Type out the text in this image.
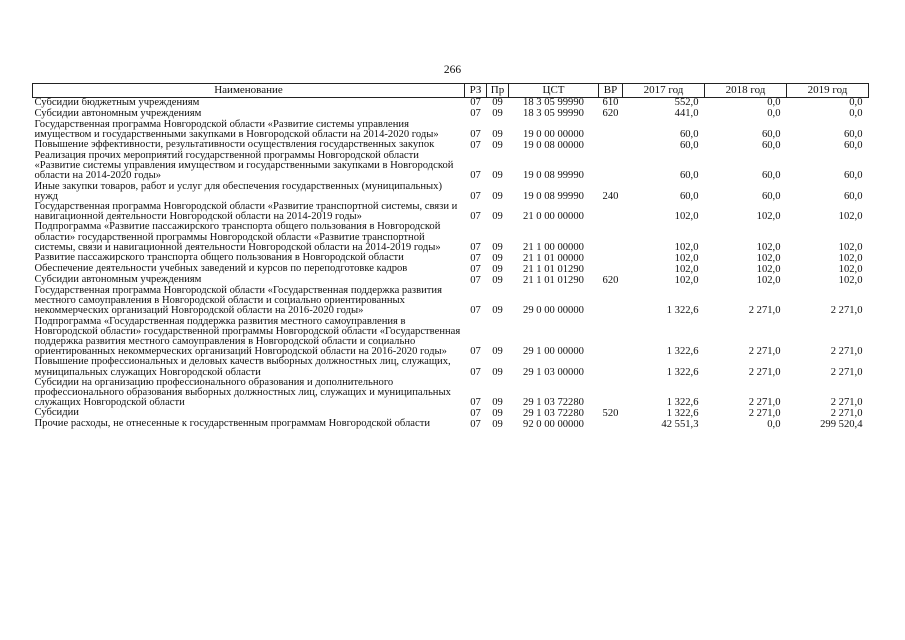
266
Наименование	РЗ	Пр	ЦСТ	ВР	2017 год	2018 год	2019 год
Субсидии бюджетным учреждениям	07	09	18 3 05 99990	610	552,0	0,0	0,0
Субсидии автономным учреждениям	07	09	18 3 05 99990	620	441,0	0,0	0,0
Государственная программа Новгородской области «Развитие системы управления имуществом и государственными закупками в Новгородской области на 2014-2020 годы»	07	09	19 0 00 00000		60,0	60,0	60,0
Повышение эффективности, результативности осуществления государственных закупок	07	09	19 0 08 00000		60,0	60,0	60,0
Реализация прочих мероприятий государственной программы Новгородской области «Развитие системы управления имуществом и государственными закупками в Новгородской области на 2014-2020 годы»	07	09	19 0 08 99990		60,0	60,0	60,0
Иные закупки товаров, работ и услуг для обеспечения государственных (муниципальных) нужд	07	09	19 0 08 99990	240	60,0	60,0	60,0
Государственная программа Новгородской области «Развитие транспортной системы, связи и навигационной деятельности Новгородской области на 2014-2019 годы»	07	09	21 0 00 00000		102,0	102,0	102,0
Подпрограмма «Развитие пассажирского транспорта общего пользования в Новгородской области» государственной программы Новгородской области «Развитие транспортной системы, связи и навигационной деятельности Новгородской области на 2014-2019 годы»	07	09	21 1 00 00000		102,0	102,0	102,0
Развитие пассажирского транспорта общего пользования в Новгородской области	07	09	21 1 01 00000		102,0	102,0	102,0
Обеспечение деятельности учебных заведений и курсов по переподготовке кадров	07	09	21 1 01 01290		102,0	102,0	102,0
Субсидии автономным учреждениям	07	09	21 1 01 01290	620	102,0	102,0	102,0
Государственная программа Новгородской области «Государственная поддержка развития местного самоуправления в Новгородской области и социально ориентированных некоммерческих организаций Новгородской области на 2016-2020 годы»	07	09	29 0 00 00000		1 322,6	2 271,0	2 271,0
Подпрограмма «Государственная поддержка развития местного самоуправления в Новгородской области» государственной программы Новгородской области «Государственная поддержка развития местного самоуправления в Новгородской области и социально ориентированных некоммерческих организаций Новгородской области на 2016-2020 годы»	07	09	29 1 00 00000		1 322,6	2 271,0	2 271,0
Повышение профессиональных и деловых качеств выборных должностных лиц, служащих, муниципальных служащих Новгородской области	07	09	29 1 03 00000		1 322,6	2 271,0	2 271,0
Субсидии на организацию профессионального образования и дополнительного профессионального образования выборных должностных лиц, служащих и муниципальных служащих Новгородской области	07	09	29 1 03 72280		1 322,6	2 271,0	2 271,0
Субсидии	07	09	29 1 03 72280	520	1 322,6	2 271,0	2 271,0
Прочие расходы, не отнесенные к государственным программам Новгородской области	07	09	92 0 00 00000		42 551,3	0,0	299 520,4
